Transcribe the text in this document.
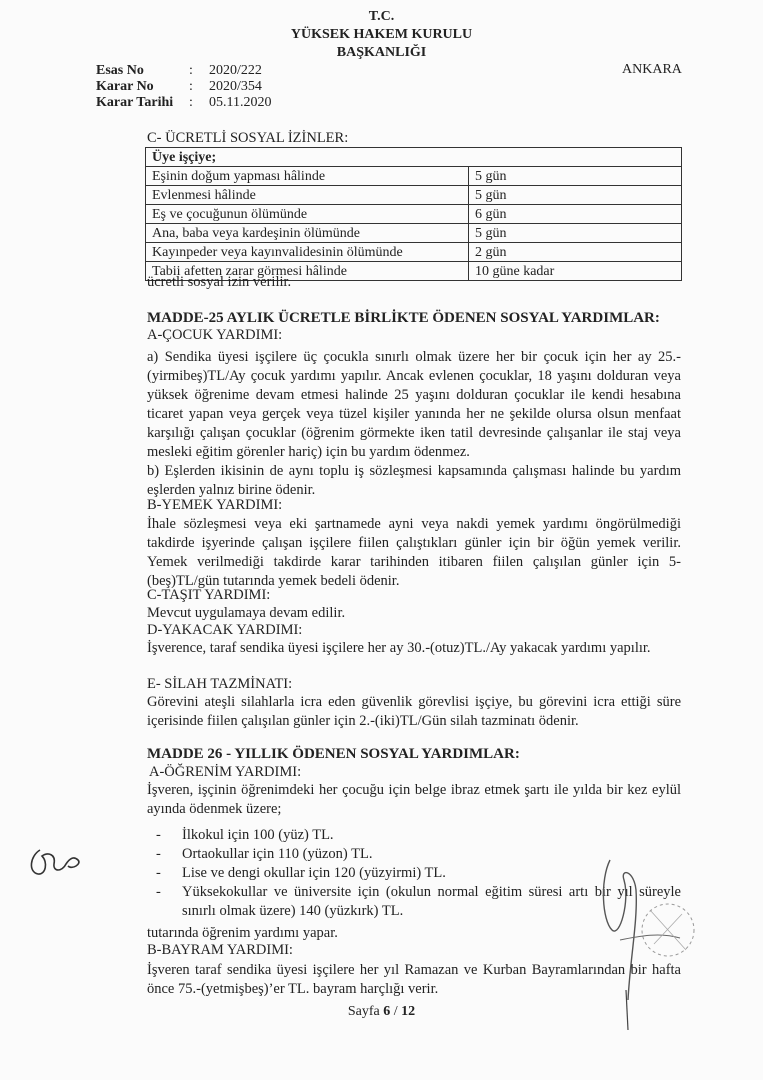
T.C.
YÜKSEK HAKEM KURULU
BAŞKANLIĞI
Esas No	: 2020/222
Karar No	: 2020/354
Karar Tarihi : 05.11.2020
ANKARA
C- ÜCRETLİ SOSYAL İZİNLER:
Üye işçiye;	
Eşinin doğum yapması hâlinde	5 gün
Evlenmesi hâlinde	5 gün
Eş ve çocuğunun ölümünde	6 gün
Ana, baba veya kardeşinin ölümünde	5 gün
Kayınpeder veya kayınvalidesinin ölümünde	2 gün
Tabii afetten zarar görmesi hâlinde	10 güne kadar
ücretli sosyal izin verilir.
MADDE-25 AYLIK ÜCRETLE BİRLİKTE ÖDENEN SOSYAL YARDIMLAR:
A-ÇOCUK YARDIMI:

a) Sendika üyesi işçilere üç çocukla sınırlı olmak üzere her bir çocuk için her ay 25.-(yirmibeş)TL/Ay çocuk yardımı yapılır. Ancak evlenen çocuklar, 18 yaşını dolduran veya yüksek öğrenime devam etmesi halinde 25 yaşını dolduran çocuklar ile kendi hesabına ticaret yapan veya gerçek veya tüzel kişiler yanında her ne şekilde olursa olsun menfaat karşılığı çalışan çocuklar (öğrenim görmekte iken tatil devresinde çalışanlar ile staj veya mesleki eğitim görenler hariç) için bu yardım ödenmez.

b) Eşlerden ikisinin de aynı toplu iş sözleşmesi kapsamında çalışması halinde bu yardım eşlerden yalnız birine ödenir.

B-YEMEK YARDIMI:

İhale sözleşmesi veya eki şartnamede ayni veya nakdi yemek yardımı öngörülmediği takdirde işyerinde çalışan işçilere fiilen çalıştıkları günler için bir öğün yemek verilir. Yemek verilmediği takdirde karar tarihinden itibaren fiilen çalışılan günler için 5-(beş)TL/gün tutarında yemek bedeli ödenir.

C-TAŞIT YARDIMI:

Mevcut uygulamaya devam edilir.

D-YAKACAK YARDIMI:

İşverence, taraf sendika üyesi işçilere her ay 30.-(otuz)TL./Ay yakacak yardımı yapılır.

E- SİLAH TAZMİNATI:

Görevini ateşli silahlarla icra eden güvenlik görevlisi işçiye, bu görevini icra ettiği süre içerisinde fiilen çalışılan günler için 2.-(iki)TL/Gün silah tazminatı ödenir.

MADDE 26 - YILLIK ÖDENEN SOSYAL YARDIMLAR:
A-ÖĞRENİM YARDIMI:

İşveren, işçinin öğrenimdeki her çocuğu için belge ibraz etmek şartı ile yılda bir kez eylül ayında ödenmek üzere;

- İlkokul için 100 (yüz) TL.
- Ortaokullar için 110 (yüzon) TL.
- Lise ve dengi okullar için 120 (yüzyirmi) TL.
- Yüksekokullar ve üniversite için (okulun normal eğitim süresi artı bir yıl süreyle sınırlı olmak üzere) 140 (yüzkırk) TL.
tutarında öğrenim yardımı yapar.
B-BAYRAM YARDIMI:

İşveren taraf sendika üyesi işçilere her yıl Ramazan ve Kurban Bayramlarından bir hafta önce 75.-(yetmişbeş)’er TL. bayram harçlığı verir.

Sayfa 6 / 12
